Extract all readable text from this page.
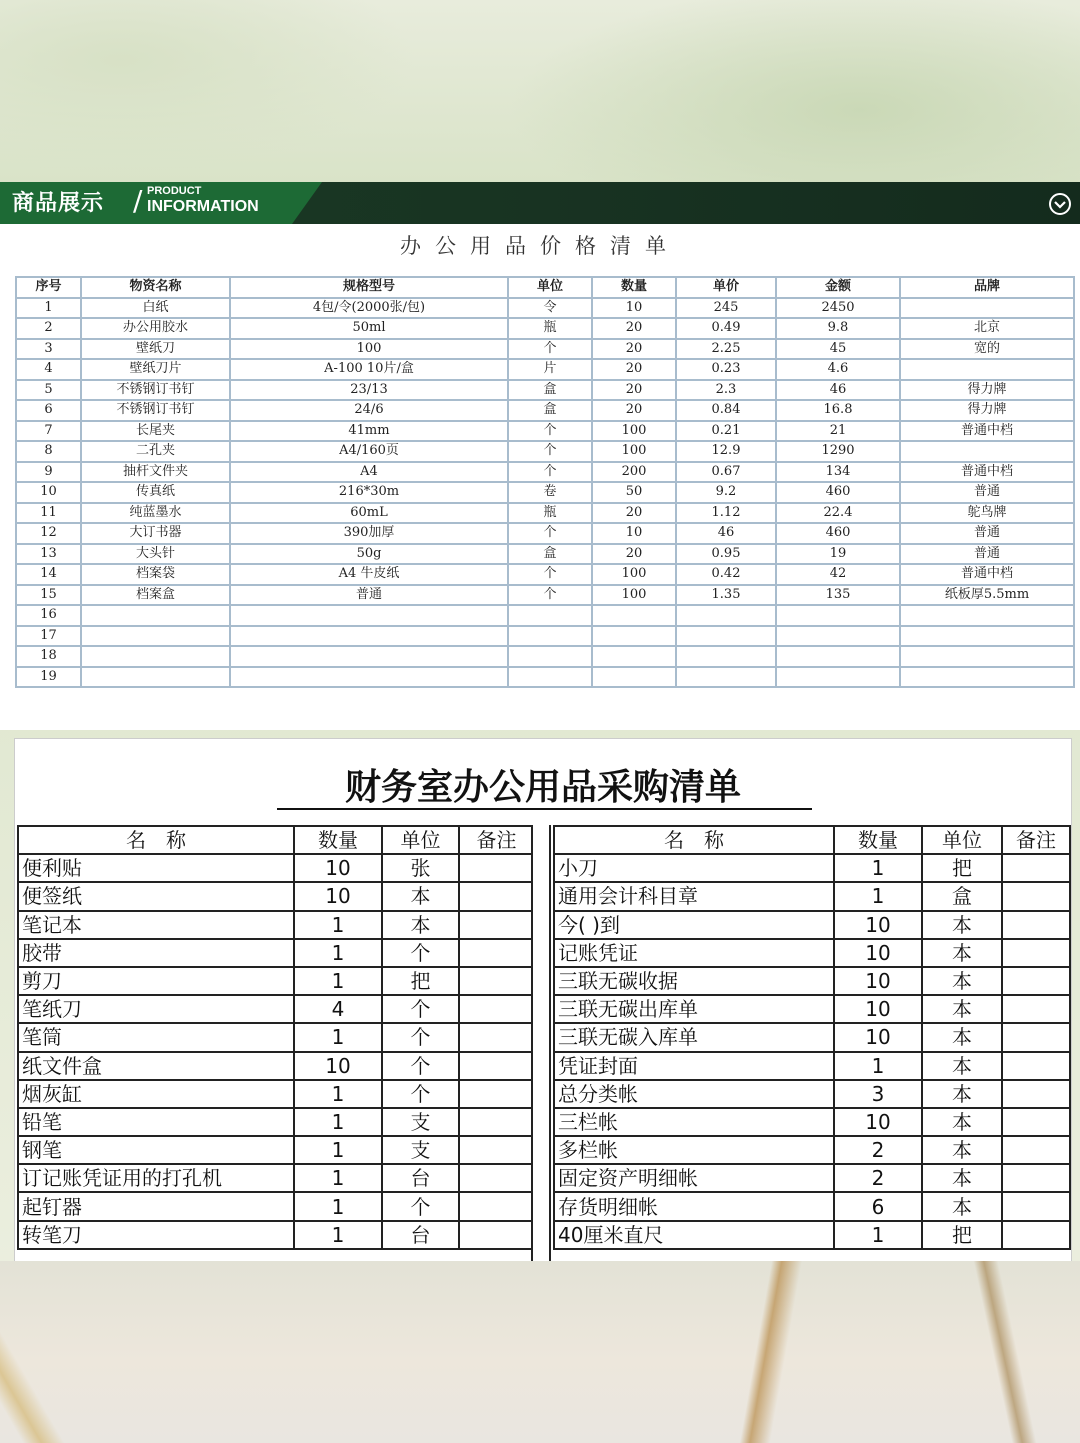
商品展示 / PRODUCT
INFORMATION
办公用品价格清单
序号	物资名称	规格型号	单位	数量	单价	金额	品牌
1	白纸	4包/令(2000张/包)	令	10	245	2450	
2	办公用胶水	50ml	瓶	20	0.49	9.8	北京
3	壁纸刀	100	个	20	2.25	45	宽的
4	壁纸刀片	A-100 10片/盒	片	20	0.23	4.6	
5	不锈钢订书钉	23/13	盒	20	2.3	46	得力牌
6	不锈钢订书钉	24/6	盒	20	0.84	16.8	得力牌
7	长尾夹	41mm	个	100	0.21	21	普通中档
8	二孔夹	A4/160页	个	100	12.9	1290	
9	抽杆文件夹	A4	个	200	0.67	134	普通中档
10	传真纸	216*30m	卷	50	9.2	460	普通
11	纯蓝墨水	60mL	瓶	20	1.12	22.4	鸵鸟牌
12	大订书器	390加厚	个	10	46	460	普通
13	大头针	50g	盒	20	0.95	19	普通
14	档案袋	A4 牛皮纸	个	100	0.42	42	普通中档
15	档案盒	普通	个	100	1.35	135	纸板厚5.5mm
16							
17							
18							
19							
财务室办公用品采购清单
名　称	数量	单位	备注
便利贴	10	张	
便签纸	10	本	
笔记本	1	本	
胶带	1	个	
剪刀	1	把	
笔纸刀	4	个	
笔筒	1	个	
纸文件盒	10	个	
烟灰缸	1	个	
铅笔	1	支	
钢笔	1	支	
订记账凭证用的打孔机	1	台	
起钉器	1	个	
转笔刀	1	台	
名　称	数量	单位	备注
小刀	1	把	
通用会计科目章	1	盒	
今( )到	10	本	
记账凭证	10	本	
三联无碳收据	10	本	
三联无碳出库单	10	本	
三联无碳入库单	10	本	
凭证封面	1	本	
总分类帐	3	本	
三栏帐	10	本	
多栏帐	2	本	
固定资产明细帐	2	本	
存货明细帐	6	本	
40厘米直尺	1	把	
